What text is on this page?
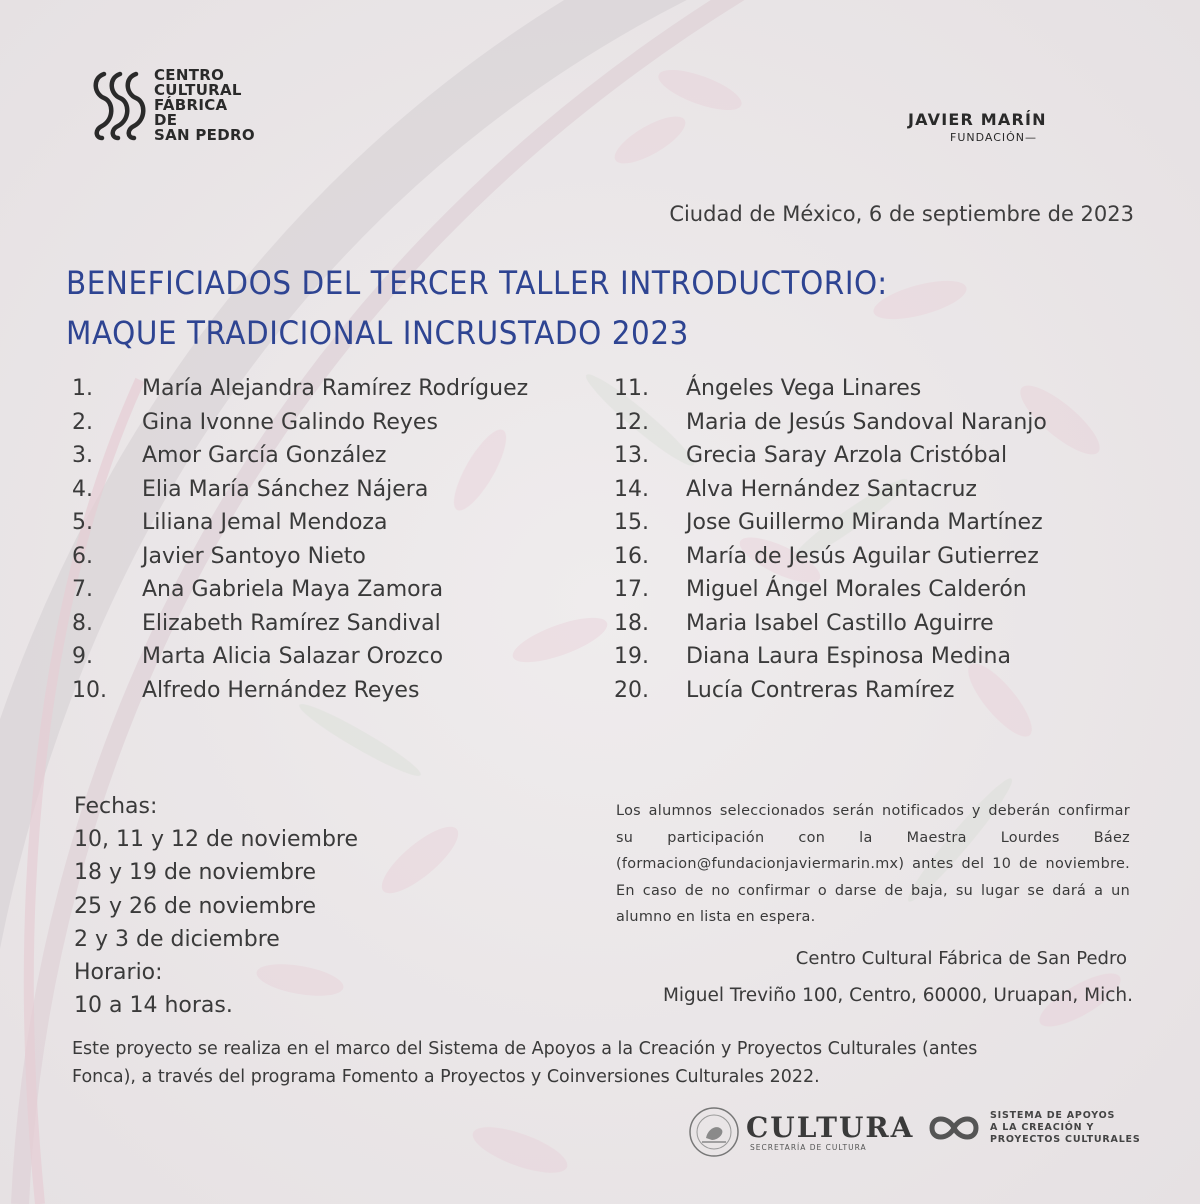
CENTRO
CULTURAL
FÁBRICA
DE
SAN PEDRO
JAVIER MARÍN
FUNDACIÓN—
Ciudad de México, 6 de septiembre de 2023
BENEFICIADOS DEL TERCER TALLER INTRODUCTORIO:
MAQUE TRADICIONAL INCRUSTADO 2023
1.	María Alejandra Ramírez Rodríguez
2.	Gina Ivonne Galindo Reyes
3.	Amor García González
4.	Elia María Sánchez Nájera
5.	Liliana Jemal Mendoza
6.	Javier Santoyo Nieto
7.	Ana Gabriela Maya Zamora
8.	Elizabeth Ramírez Sandival
9.	Marta Alicia Salazar Orozco
10.	Alfredo Hernández Reyes
11.	Ángeles Vega Linares
12.	Maria de Jesús Sandoval Naranjo
13.	Grecia Saray Arzola Cristóbal
14.	Alva Hernández Santacruz
15.	Jose Guillermo Miranda Martínez
16.	María de Jesús Aguilar Gutierrez
17.	Miguel Ángel Morales Calderón
18.	Maria Isabel Castillo Aguirre
19.	Diana Laura Espinosa Medina
20.	Lucía Contreras Ramírez
Fechas:
10, 11 y 12 de noviembre
18 y 19 de noviembre
25 y 26 de noviembre
2 y 3 de diciembre
Horario:
10 a 14 horas.
Los alumnos seleccionados serán notificados y deberán confirmar su participación con la Maestra Lourdes Báez (formacion@fundacionjaviermarin.mx) antes del 10 de noviembre. En caso de no confirmar o darse de baja, su lugar se dará a un alumno en lista en espera.
Centro Cultural Fábrica de San Pedro
Miguel Treviño 100, Centro, 60000, Uruapan, Mich.
Este proyecto se realiza en el marco del Sistema de Apoyos a la Creación y Proyectos Culturales (antes
Fonca), a través del programa Fomento a Proyectos y Coinversiones Culturales 2022.
CULTURA
SECRETARÍA DE CULTURA
SISTEMA DE APOYOS
A LA CREACIÓN Y
PROYECTOS CULTURALES
